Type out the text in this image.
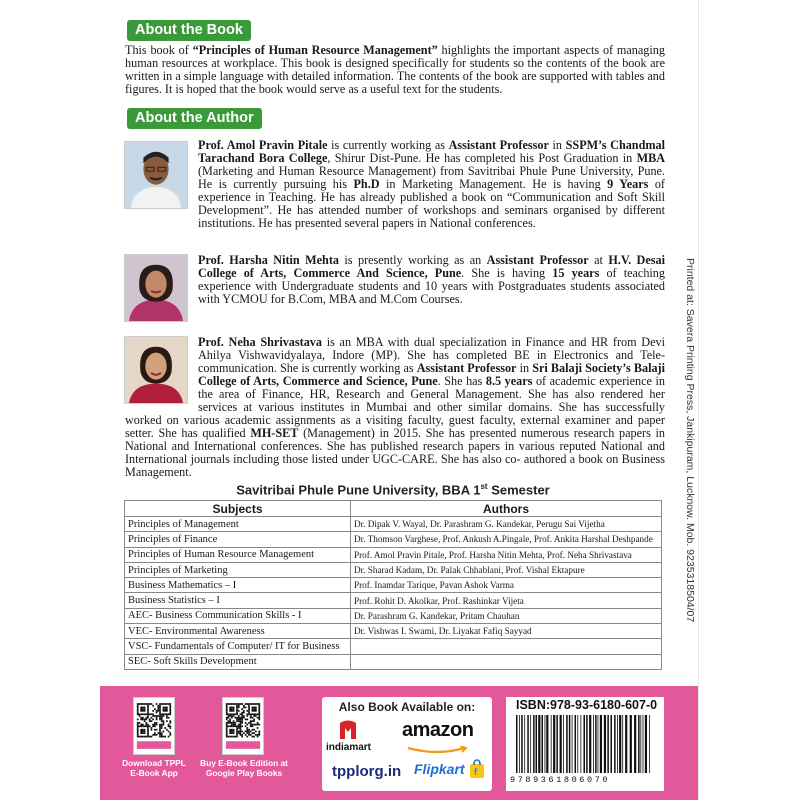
Printed at: Savera Printing Press, Jankipuram, Lucknow. Mob. 9235318504/07
About the Book
This book of “Principles of Human Resource Management” highlights the important aspects of managing human resources at workplace. This book is designed specifically for students so the contents of the book are written in a simple language with detailed information. The contents of the book are supported with tables and figures. It is hoped that the book would serve as a useful text for the students.
About the Author
Prof. Amol Pravin Pitale is currently working as Assistant Professor in SSPM’s Chandmal Tarachand Bora College, Shirur Dist-Pune. He has completed his Post Graduation in MBA (Marketing and Human Resource Management) from Savitribai Phule Pune University, Pune. He is currently pursuing his Ph.D in Marketing Management. He is having 9 Years of experience in Teaching. He has already published a book on “Communication and Soft Skill Development”. He has attended number of workshops and seminars organised by different institutions. He has presented several papers in National conferences.
Prof. Harsha Nitin Mehta is presently working as an Assistant Professor at H.V. Desai College of Arts, Commerce And Science, Pune. She is having 15 years of teaching experience with Undergraduate students and 10 years with Postgraduates students associated with YCMOU for B.Com, MBA and M.Com Courses.
Prof. Neha Shrivastava is an MBA with dual specialization in Finance and HR from Devi Ahilya Vishwavidyalaya, Indore (MP). She has completed BE in Electronics and Tele-communication. She is currently working as Assistant Professor in Sri Balaji Society’s Balaji College of Arts, Commerce and Science, Pune. She has 8.5 years of academic experience in the area of Finance, HR, Research and General Management. She has also rendered her services at various institutes in Mumbai and other similar domains. She has successfully worked on various academic assignments as a visiting faculty, guest faculty, external examiner and paper setter. She has qualified MH-SET (Management) in 2015. She has presented numerous research papers in National and International conferences. She has published research papers in various reputed National and International journals including those listed under UGC-CARE. She has also co- authored a book on Business Management.
Savitribai Phule Pune University, BBA 1st Semester
Subjects	Authors
Principles of Management	Dr. Dipak V. Wayal, Dr. Parashram G. Kandekar, Perugu Sai Vijetha
Principles of Finance	Dr. Thomson Varghese, Prof. Ankush A.Pingale, Prof. Ankita Harshal Deshpande
Principles of Human Resource Management	Prof. Amol Pravin Pitale, Prof. Harsha Nitin Mehta, Prof. Neha Shrivastava
Principles of Marketing	Dr. Sharad Kadam, Dr. Palak Chhablani, Prof. Vishal Ektapure
Business Mathematics – I	Prof. Inamdar Tarique, Pavan Ashok Varma
Business Statistics – I	Prof. Rohit D. Akolkar, Prof. Rashinkar Vijeta
AEC- Business Communication Skills - I	Dr. Parashram G. Kandekar, Pritam Chauhan
VEC- Environmental Awareness	Dr. Vishwas I. Swami, Dr. Liyakat Fafiq Sayyad
VSC- Fundamentals of Computer/ IT for Business	
SEC- Soft Skills Development	
Download TPPL
E-Book App
Buy E-Book Edition at
Google Play Books
Also Book Available on:
indiamart
amazon
tpplorg.in Flipkart f
ISBN:978-93-6180-607-0
9789361806070
